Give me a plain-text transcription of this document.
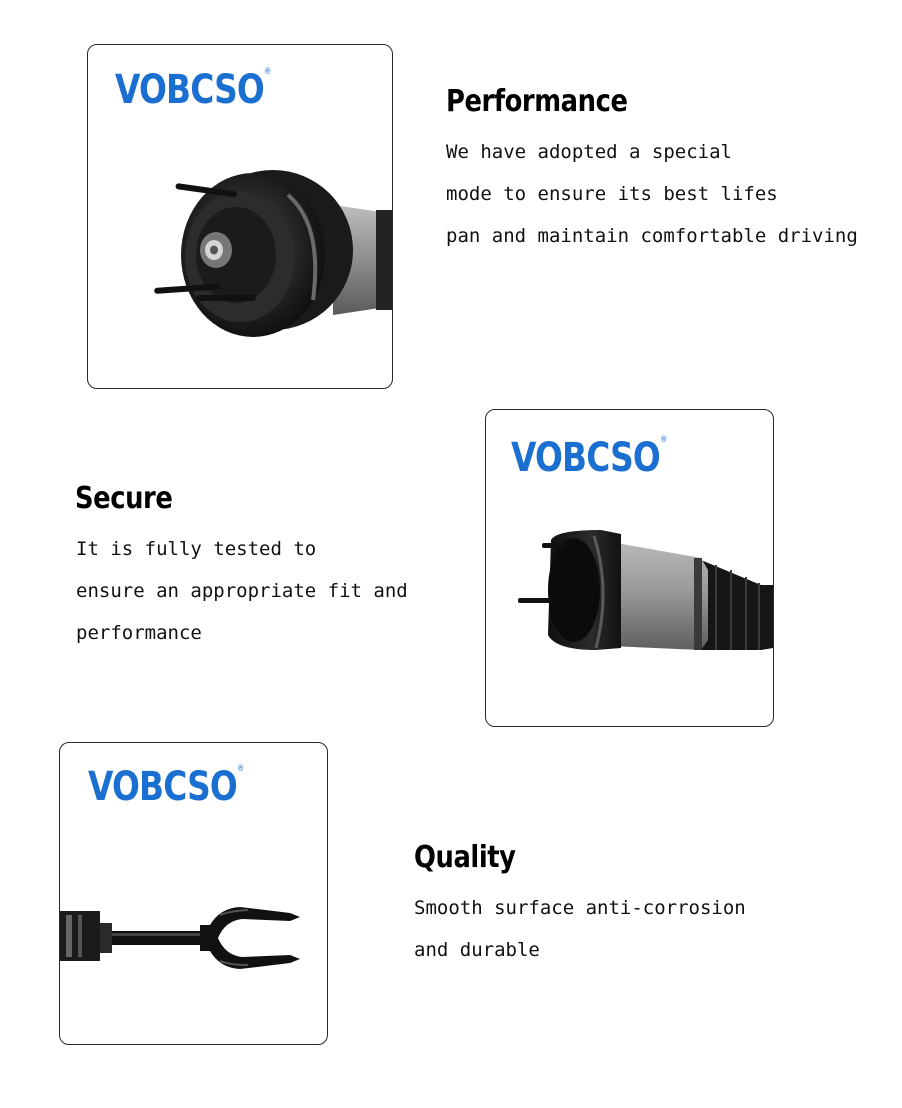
VOBCSO®
Performance
We have adopted a special
mode to ensure its best lifes
pan and maintain comfortable driving
Secure
It is fully tested to
ensure an appropriate fit and
performance
VOBCSO®
VOBCSO®
Quality
Smooth surface anti-corrosion
and durable
